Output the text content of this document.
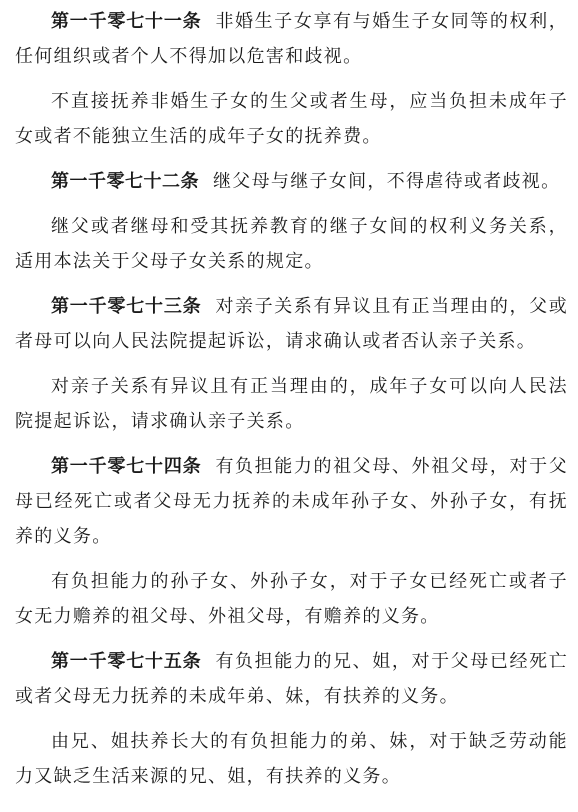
第一千零七十一条 非婚生子女享有与婚生子女同等的权利，任何组织或者个人不得加以危害和歧视。

不直接抚养非婚生子女的生父或者生母，应当负担未成年子女或者不能独立生活的成年子女的抚养费。

第一千零七十二条 继父母与继子女间，不得虐待或者歧视。

继父或者继母和受其抚养教育的继子女间的权利义务关系，适用本法关于父母子女关系的规定。

第一千零七十三条 对亲子关系有异议且有正当理由的，父或者母可以向人民法院提起诉讼，请求确认或者否认亲子关系。

对亲子关系有异议且有正当理由的，成年子女可以向人民法院提起诉讼，请求确认亲子关系。

第一千零七十四条 有负担能力的祖父母、外祖父母，对于父母已经死亡或者父母无力抚养的未成年孙子女、外孙子女，有抚养的义务。

有负担能力的孙子女、外孙子女，对于子女已经死亡或者子女无力赡养的祖父母、外祖父母，有赡养的义务。

第一千零七十五条 有负担能力的兄、姐，对于父母已经死亡或者父母无力抚养的未成年弟、妹，有扶养的义务。

由兄、姐扶养长大的有负担能力的弟、妹，对于缺乏劳动能力又缺乏生活来源的兄、姐，有扶养的义务。
